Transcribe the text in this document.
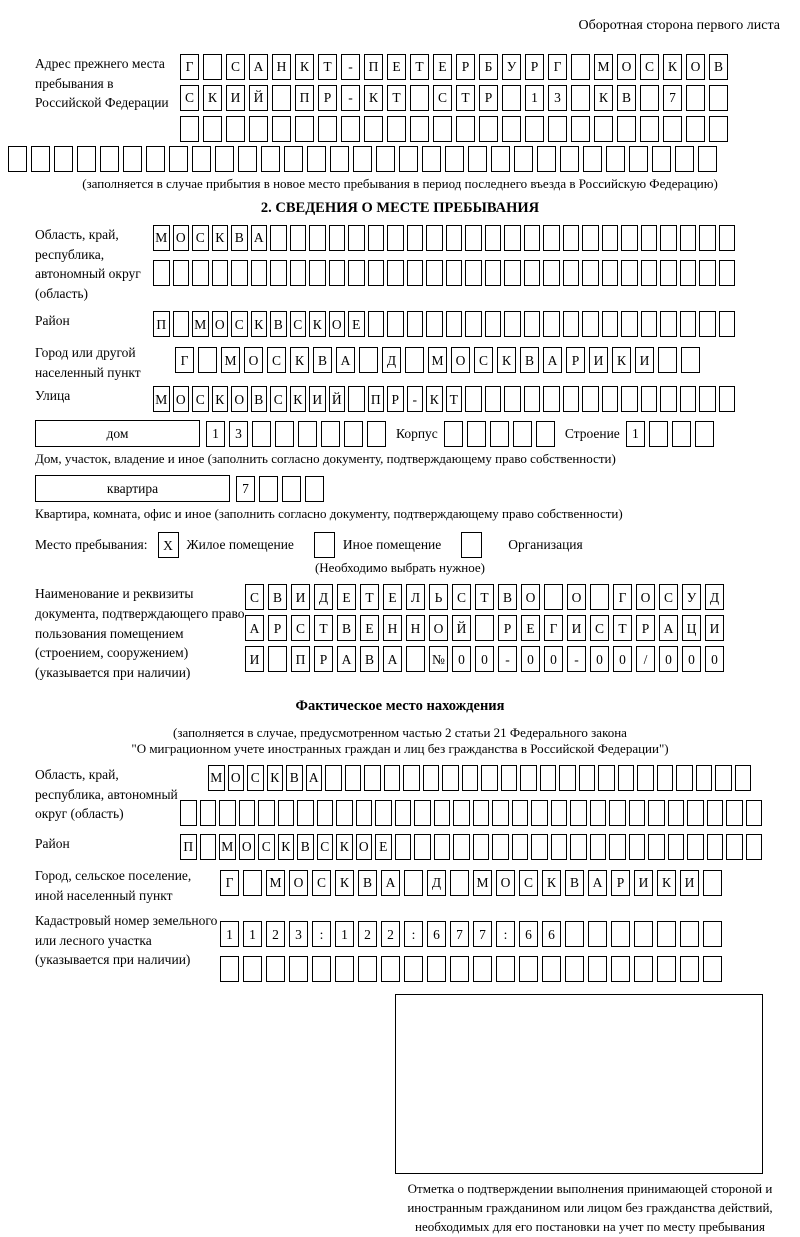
Оборотная сторона первого листа
Адрес прежнего места пребывания в Российской Федерации
Г	С	А Н	К	Т	-	П	Е	Т	Е	Р	Б	У	Р	Г	М О	С	К	О	В
С	К	И Й	П	Р	-	К	Т	С	Т	Р	1	3	К	В	7
(заполняется в случае прибытия в новое место пребывания в период последнего въезда в Российскую Федерацию)
2. СВЕДЕНИЯ О МЕСТЕ ПРЕБЫВАНИЯ
Область, край, республика, автономный округ (область)
М О С К В А
Район	П М О С К В С К О Е
Город или другой населенный пункт
Г	М О	С	К	В	А	Д	М О	С	К	В	А	Р	И	К	И
Улица	М О С К О В С К И Й П Р	- К Т
дом	1	3	Корпус	Строение 1
Дом, участок, владение и иное (заполнить согласно документу, подтверждающему право собственности)
квартира	7
Квартира, комната, офис и иное (заполнить согласно документу, подтверждающему право собственности)
Место пребывания:	X	Жилое помещение	Иное помещение	Организация
(Необходимо выбрать нужное)
Наименование и реквизиты документа, подтверждающего право пользования помещением (строением, сооружением) (указывается при наличии)
С	В	И	Д	Е	Т	Е	Л	Ь	С	Т	В	О	О	Г	О	С	У	Д
А	Р	С	Т	В	Е	Н Н О Й	Р	Е	Г	И	С	Т	Р	А Ц И
И	П	Р	А	В	А	№ 0	0	-	0	0	-	0	0	/	0	0	0
Фактическое место нахождения
(заполняется в случае, предусмотренном частью 2 статьи 21 Федерального закона
"О миграционном учете иностранных граждан и лиц без гражданства в Российской Федерации")
Область, край, республика, автономный округ (область)
М О С К В А
Район	П М О С К В С К О Е
Город, сельское поселение, иной населенный пункт
Г	М О	С	К	В	А	Д	М О	С	К	В	А	Р	И	К	И
Кадастровый номер земельного или лесного участка (указывается при наличии)
1	1	2	3	:	1	2	2	:	6	7	7	:	6	6
Отметка о подтверждении выполнения принимающей стороной и иностранным гражданином или лицом без гражданства действий, необходимых для его постановки на учет по месту пребывания
